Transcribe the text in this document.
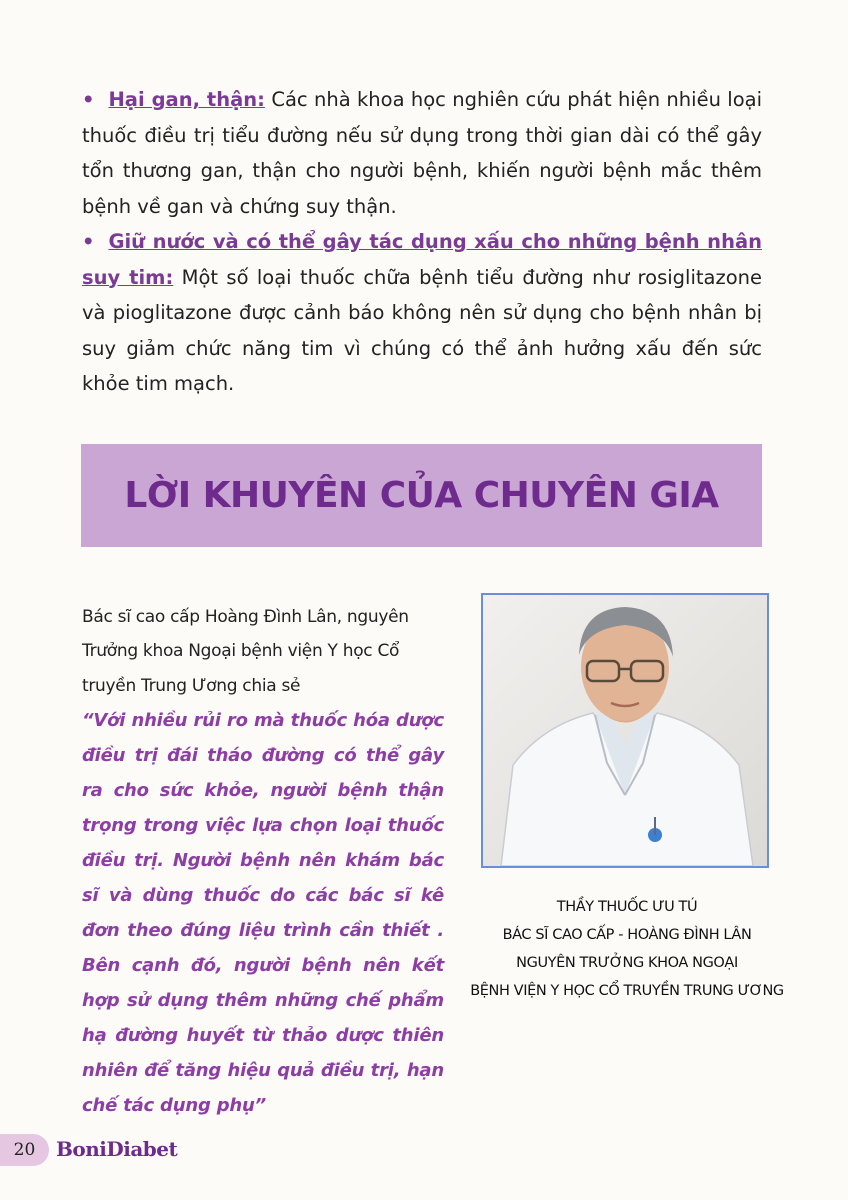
• Hại gan, thận: Các nhà khoa học nghiên cứu phát hiện nhiều loại thuốc điều trị tiểu đường nếu sử dụng trong thời gian dài có thể gây tổn thương gan, thận cho người bệnh, khiến người bệnh mắc thêm bệnh về gan và chứng suy thận.

• Giữ nước và có thể gây tác dụng xấu cho những bệnh nhân suy tim: Một số loại thuốc chữa bệnh tiểu đường như rosiglitazone và pioglitazone được cảnh báo không nên sử dụng cho bệnh nhân bị suy giảm chức năng tim vì chúng có thể ảnh hưởng xấu đến sức khỏe tim mạch.

LỜI KHUYÊN CỦA CHUYÊN GIA

Bác sĩ cao cấp Hoàng Đình Lân, nguyên Trưởng khoa Ngoại bệnh viện Y học Cổ truyền Trung Ương chia sẻ

“Với nhiều rủi ro mà thuốc hóa dược điều trị đái tháo đường có thể gây ra cho sức khỏe, người bệnh thận trọng trong việc lựa chọn loại thuốc điều trị. Người bệnh nên khám bác sĩ và dùng thuốc do các bác sĩ kê đơn theo đúng liệu trình cần thiết . Bên cạnh đó, người bệnh nên kết hợp sử dụng thêm những chế phẩm hạ đường huyết từ thảo dược thiên nhiên để tăng hiệu quả điều trị, hạn chế tác dụng phụ”

THẦY THUỐC ƯU TÚ
BÁC SĨ CAO CẤP - HOÀNG ĐÌNH LÂN
NGUYÊN TRƯỞNG KHOA NGOẠI
BỆNH VIỆN Y HỌC CỔ TRUYỀN TRUNG ƯƠNG
20	BoniDiabet
